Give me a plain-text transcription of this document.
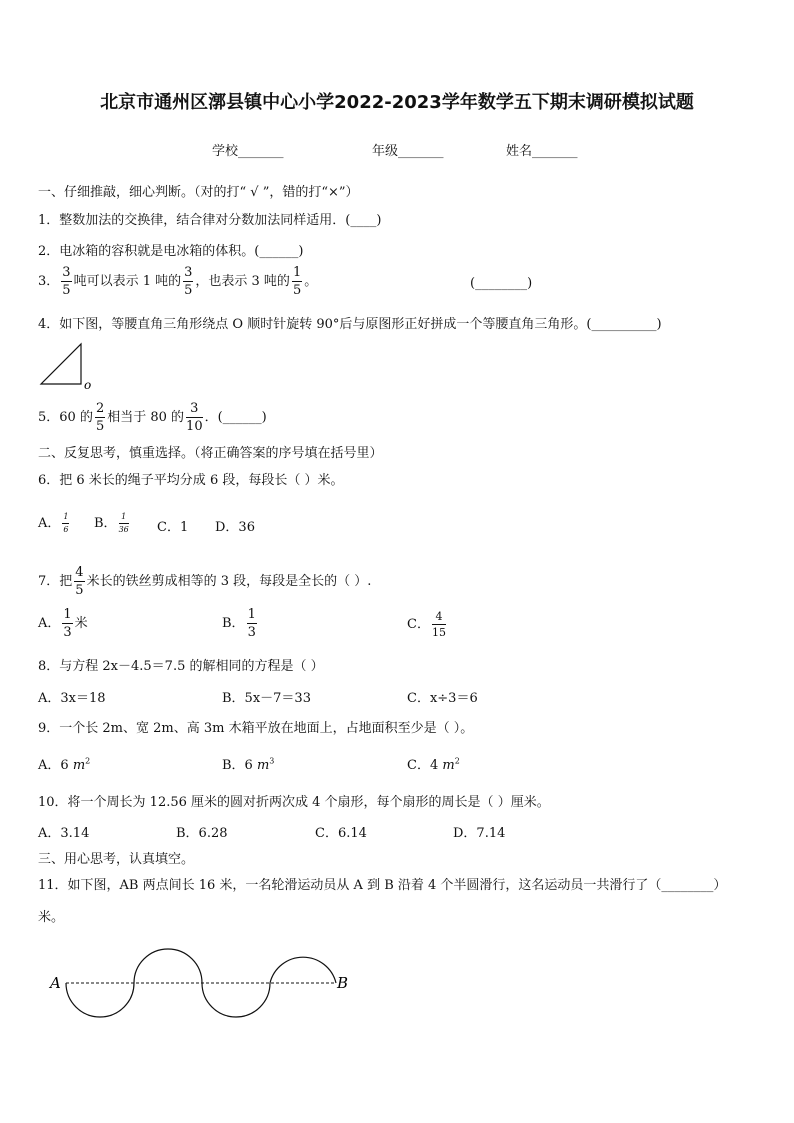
北京市通州区漷县镇中心小学2022-2023学年数学五下期末调研模拟试题
学校_______	年级_______	姓名_______
一、仔细推敲，细心判断。（对的打“ √ ”，错的打“×”）
1．整数加法的交换律，结合律对分数加法同样适用．(____)
2．电冰箱的容积就是电冰箱的体积。(______)
3． $\frac{3}{5}$ 吨可以表示 1 吨的 $\frac{3}{5}$ ，也表示 3 吨的 $\frac{1}{5}$ 。	(________)
4．如下图，等腰直角三角形绕点 O 顺时针旋转 90°后与原图形正好拼成一个等腰直角三角形。(__________)
o
5．60 的 $\frac{2}{5}$ 相当于 80 的 $\frac{3}{10}$ ．(______)
二、反复思考，慎重选择。（将正确答案的序号填在括号里）
6．把 6 米长的绳子平均分成 6 段，每段长（ ）米。
A． $\frac{1}{6}$ B． $\frac{1}{36}$ C．1 D．36
7．把 $\frac{4}{5}$ 米长的铁丝剪成相等的 3 段，每段是全长的（ ）.
A． $\frac{1}{3}$ 米	B． $\frac{1}{3}$	C． $\frac{4}{15}$
8．与方程 2x－4.5＝7.5 的解相同的方程是（ ）
A．3x＝18	B．5x－7＝33	C．x÷3＝6
9．一个长 2m、宽 2m、高 3m 木箱平放在地面上，占地面积至少是（ ）。
A．6 $m^2$	B．6 $m^3$	C．4 $m^2$
10．将一个周长为 12.56 厘米的圆对折两次成 4 个扇形，每个扇形的周长是（ ）厘米。
A．3.14	B．6.28	C．6.14	D．7.14
三、用心思考，认真填空。
11．如下图，AB 两点间长 16 米，一名轮滑运动员从 A 到 B 沿着 4 个半圆滑行，这名运动员一共滑行了（________）
米。
A	B
